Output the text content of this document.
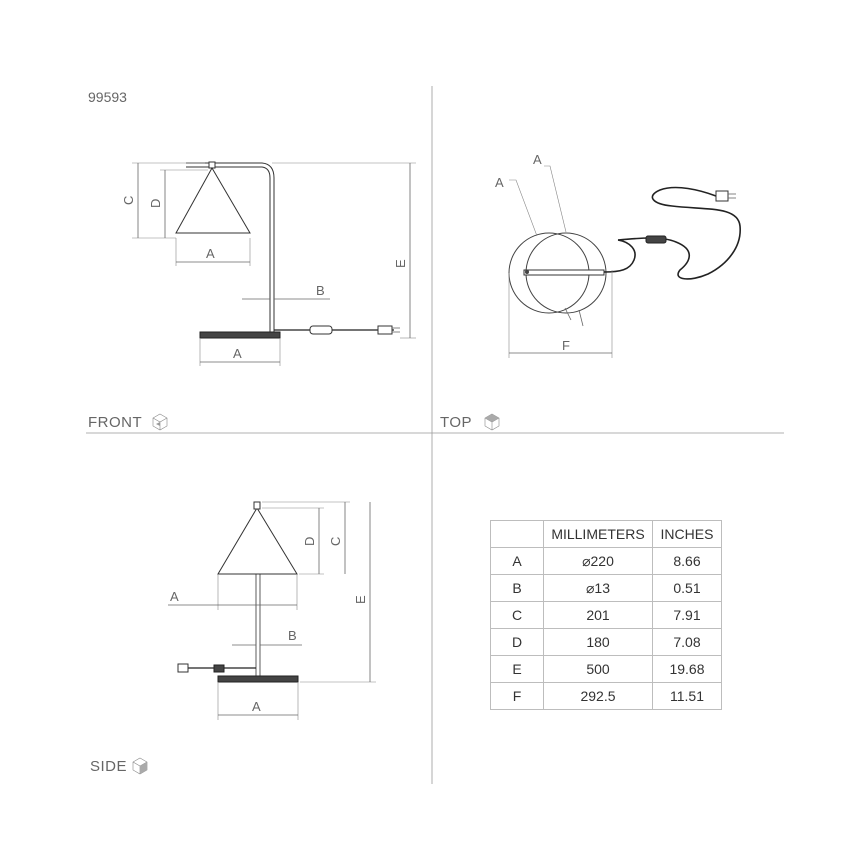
99593
C D
A
B
A
E
FRONT
A
A
F
TOP
D C
E
A
B
A
SIDE
	MILLIMETERS	INCHES
A	⌀220	8.66
B	⌀13	0.51
C	201	7.91
D	180	7.08
E	500	19.68
F	292.5	11.51
